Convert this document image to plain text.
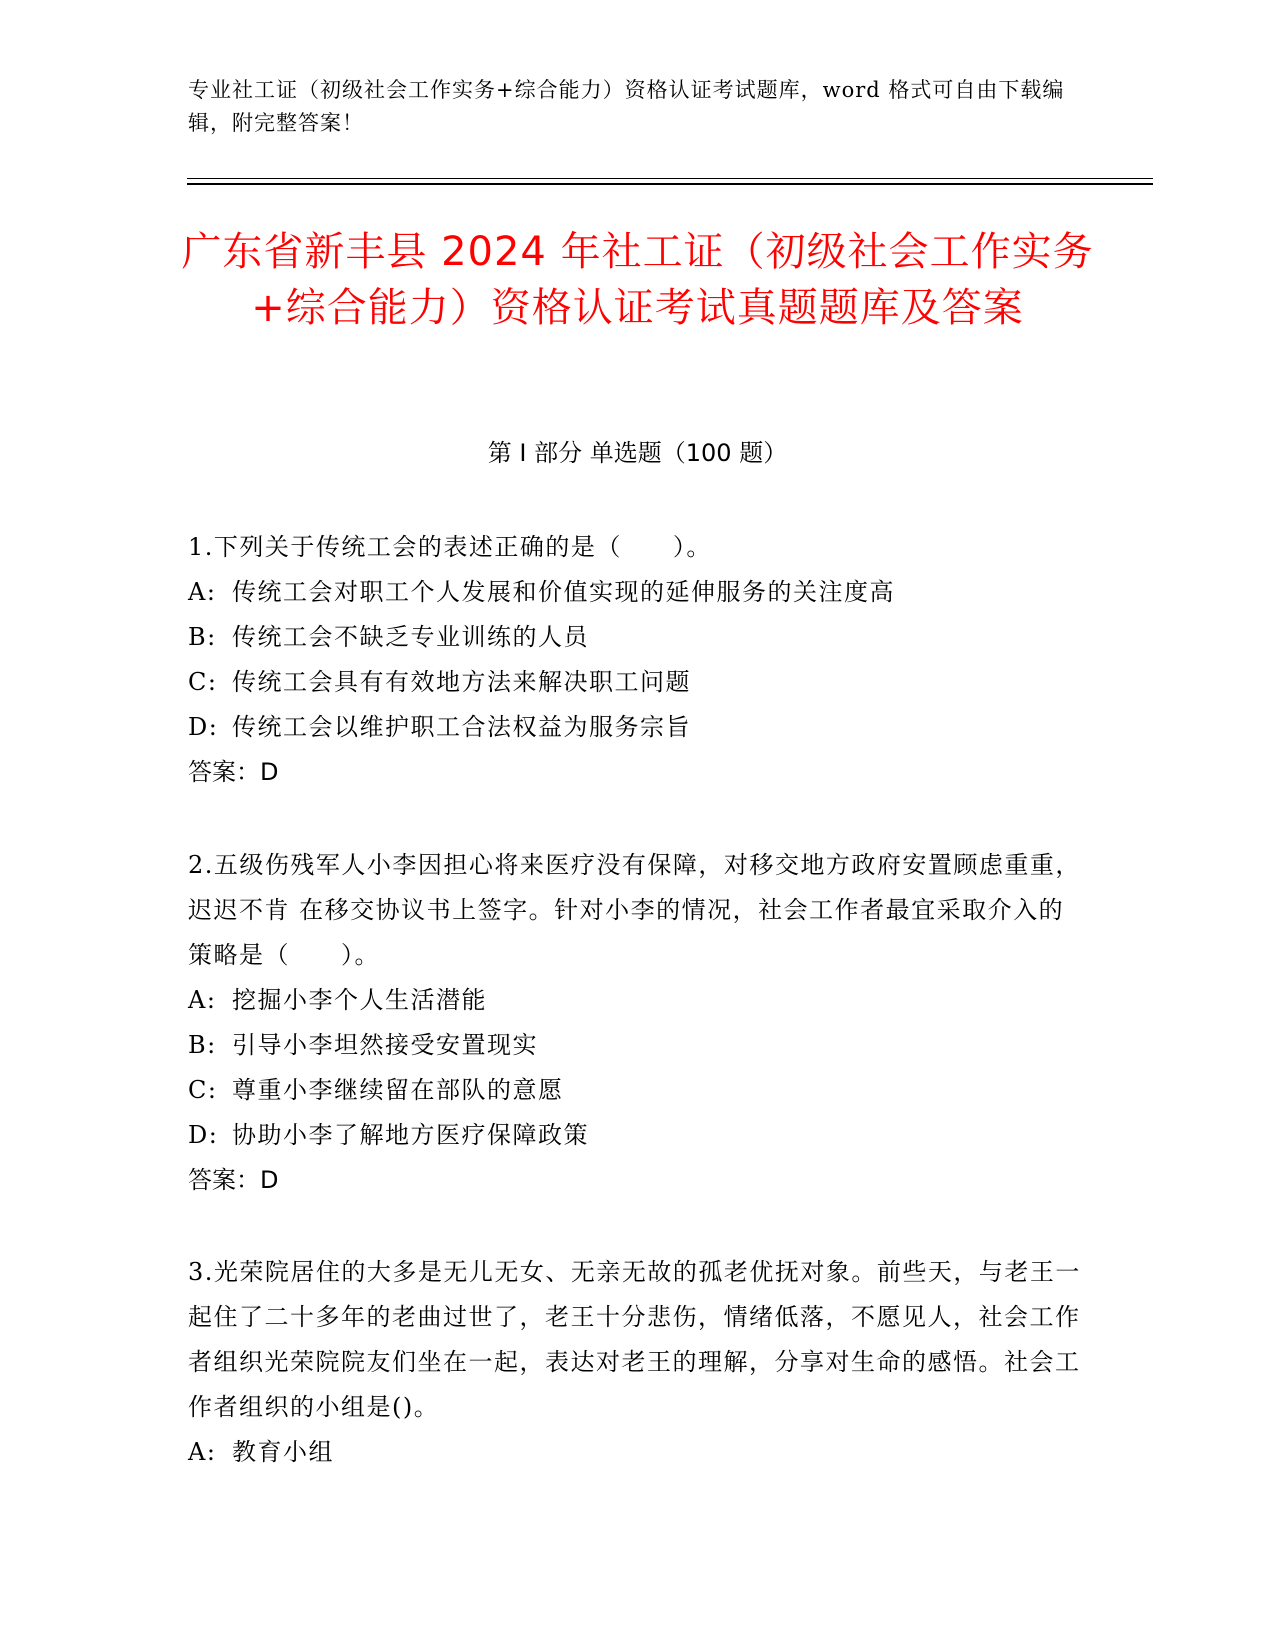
专业社工证（初级社会工作实务+综合能力）资格认证考试题库，word 格式可自由下载编辑，附完整答案！
广东省新丰县 2024 年社工证（初级社会工作实务+综合能力）资格认证考试真题题库及答案
第 I 部分 单选题（100 题）

1.下列关于传统工会的表述正确的是（　　）。

A: 传统工会对职工个人发展和价值实现的延伸服务的关注度高

B: 传统工会不缺乏专业训练的人员

C: 传统工会具有有效地方法来解决职工问题

D: 传统工会以维护职工合法权益为服务宗旨

答案：D

2.五级伤残军人小李因担心将来医疗没有保障，对移交地方政府安置顾虑重重，迟迟不肯 在移交协议书上签字。针对小李的情况，社会工作者最宜采取介入的策略是（　　）。

A: 挖掘小李个人生活潜能

B: 引导小李坦然接受安置现实

C: 尊重小李继续留在部队的意愿

D: 协助小李了解地方医疗保障政策

答案：D

3.光荣院居住的大多是无儿无女、无亲无故的孤老优抚对象。前些天，与老王一起住了二十多年的老曲过世了，老王十分悲伤，情绪低落，不愿见人，社会工作者组织光荣院院友们坐在一起，表达对老王的理解，分享对生命的感悟。社会工作者组织的小组是()。

A: 教育小组
